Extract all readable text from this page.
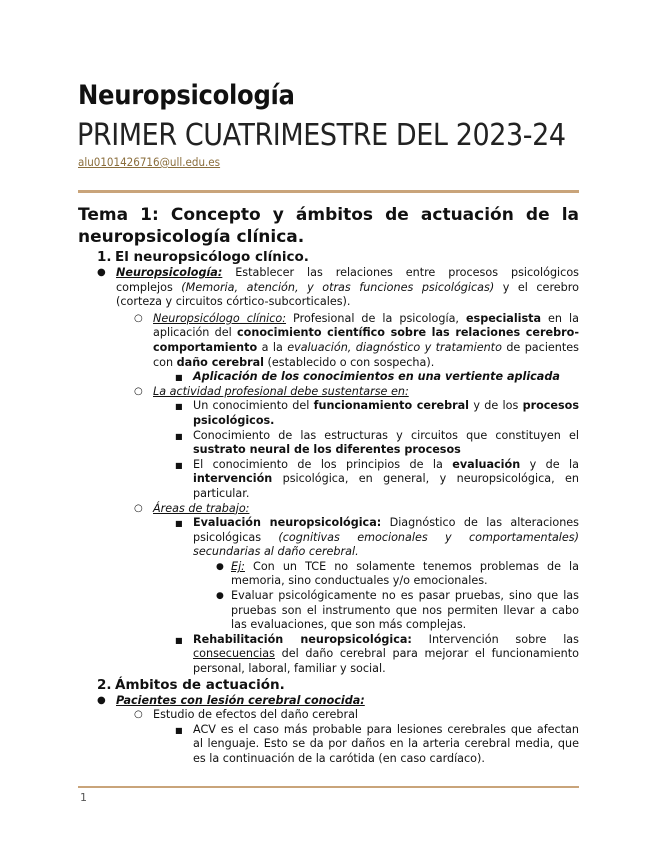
Neuropsicología
PRIMER CUATRIMESTRE DEL 2023-24
alu0101426716@ull.edu.es

Tema 1: Concepto y ámbitos de actuación de la neuropsicología clínica.

1. El neuropsicólogo clínico.

● Neuropsicología: Establecer las relaciones entre procesos psicológicos complejos (Memoria, atención, y otras funciones psicológicas) y el cerebro (corteza y circuitos córtico-subcorticales).

○ Neuropsicólogo clínico: Profesional de la psicología, especialista en la aplicación del conocimiento científico sobre las relaciones cerebro-comportamiento a la evaluación, diagnóstico y tratamiento de pacientes con daño cerebral (establecido o con sospecha).

■ Aplicación de los conocimientos en una vertiente aplicada

○ La actividad profesional debe sustentarse en:

■ Un conocimiento del funcionamiento cerebral y de los procesos psicológicos.

■ Conocimiento de las estructuras y circuitos que constituyen el sustrato neural de los diferentes procesos

■ El conocimiento de los principios de la evaluación y de la intervención psicológica, en general, y neuropsicológica, en particular.

○ Áreas de trabajo:

■ Evaluación neuropsicológica: Diagnóstico de las alteraciones psicológicas (cognitivas emocionales y comportamentales) secundarias al daño cerebral.

● Ej: Con un TCE no solamente tenemos problemas de la memoria, sino conductuales y/o emocionales.

● Evaluar psicológicamente no es pasar pruebas, sino que las pruebas son el instrumento que nos permiten llevar a cabo las evaluaciones, que son más complejas.

■ Rehabilitación neuropsicológica: Intervención sobre las consecuencias del daño cerebral para mejorar el funcionamiento personal, laboral, familiar y social.

2. Ámbitos de actuación.

● Pacientes con lesión cerebral conocida:

○ Estudio de efectos del daño cerebral

■ ACV es el caso más probable para lesiones cerebrales que afectan al lenguaje. Esto se da por daños en la arteria cerebral media, que es la continuación de la carótida (en caso cardíaco).

1
